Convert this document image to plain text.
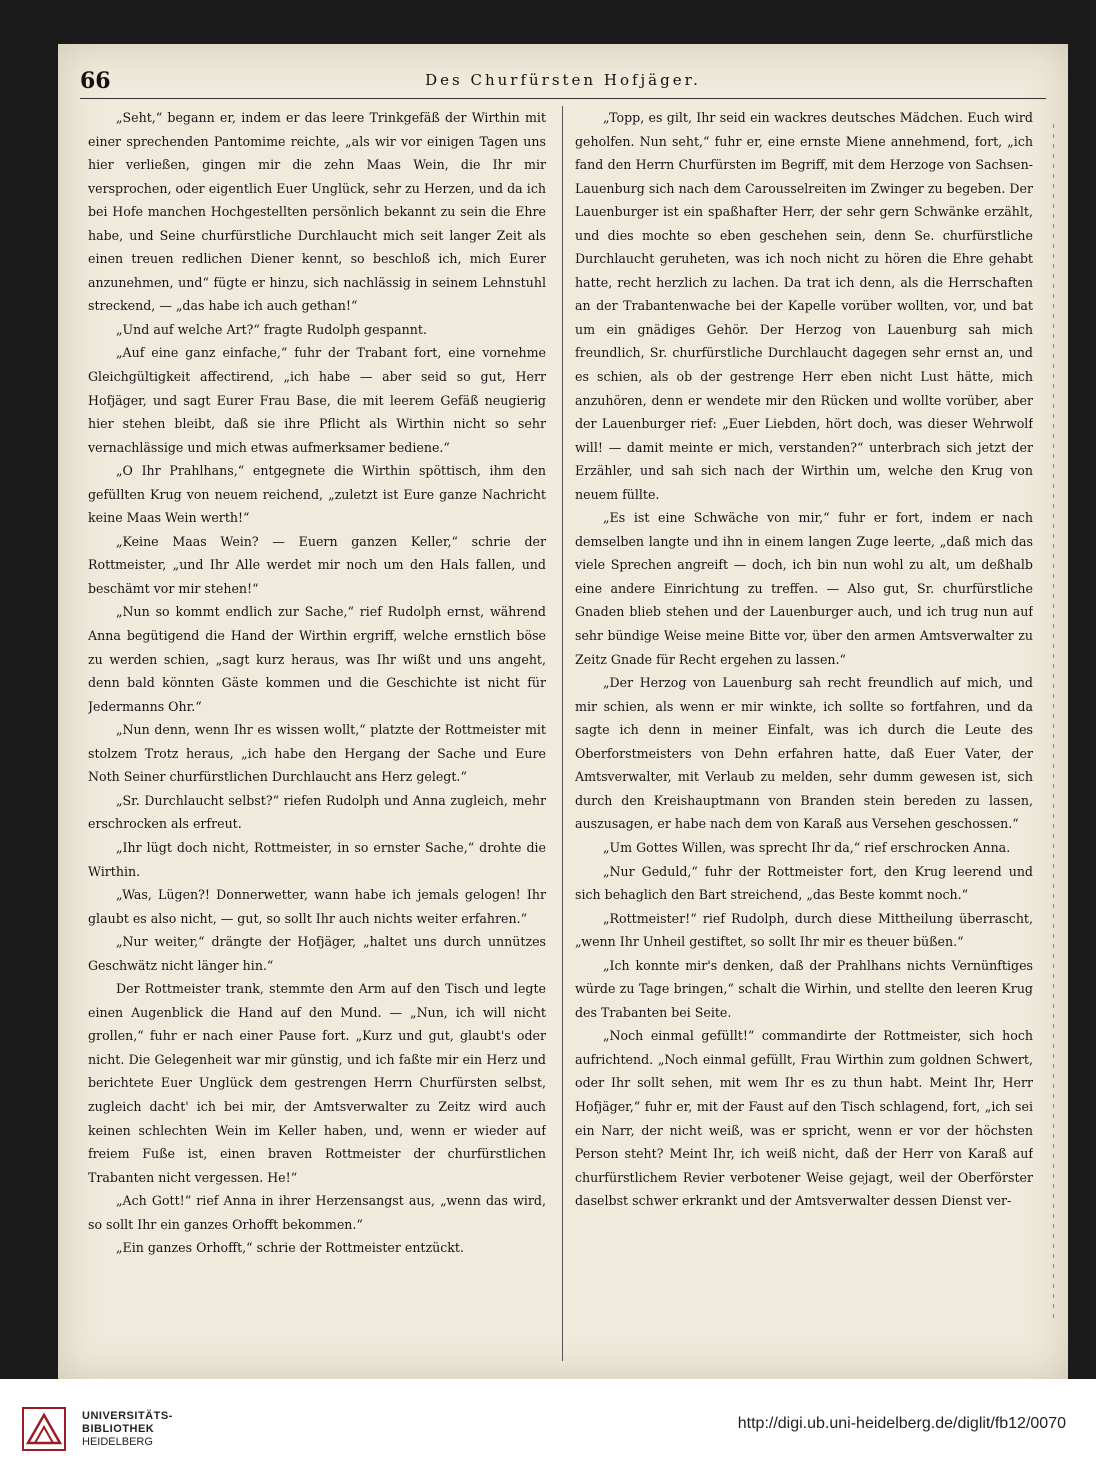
66	Des Churfürsten Hofjäger.

„Seht,“ begann er, indem er das leere Trinkgefäß der Wirthin mit einer sprechenden Pantomime reichte, „als wir vor einigen Tagen uns hier verließen, gingen mir die zehn Maas Wein, die Ihr mir versprochen, oder eigentlich Euer Unglück, sehr zu Herzen, und da ich bei Hofe manchen Hochgestellten persönlich bekannt zu sein die Ehre habe, und Seine churfürstliche Durchlaucht mich seit langer Zeit als einen treuen redlichen Diener kennt, so beschloß ich, mich Eurer anzunehmen, und“ fügte er hinzu, sich nachlässig in seinem Lehnstuhl streckend, — „das habe ich auch gethan!“

„Und auf welche Art?“ fragte Rudolph gespannt.

„Auf eine ganz einfache,“ fuhr der Trabant fort, eine vornehme Gleichgültigkeit affectirend, „ich habe — aber seid so gut, Herr Hofjäger, und sagt Eurer Frau Base, die mit leerem Gefäß neugierig hier stehen bleibt, daß sie ihre Pflicht als Wirthin nicht so sehr vernachlässige und mich etwas aufmerksamer bediene.“

„O Ihr Prahlhans,“ entgegnete die Wirthin spöttisch, ihm den gefüllten Krug von neuem reichend, „zuletzt ist Eure ganze Nachricht keine Maas Wein werth!“

„Keine Maas Wein? — Euern ganzen Keller,“ schrie der Rottmeister, „und Ihr Alle werdet mir noch um den Hals fallen, und beschämt vor mir stehen!“

„Nun so kommt endlich zur Sache,“ rief Rudolph ernst, während Anna begütigend die Hand der Wirthin ergriff, welche ernstlich böse zu werden schien, „sagt kurz heraus, was Ihr wißt und uns angeht, denn bald könnten Gäste kommen und die Geschichte ist nicht für Jedermanns Ohr.“

„Nun denn, wenn Ihr es wissen wollt,“ platzte der Rottmeister mit stolzem Trotz heraus, „ich habe den Hergang der Sache und Eure Noth Seiner churfürstlichen Durchlaucht ans Herz gelegt.“

„Sr. Durchlaucht selbst?“ riefen Rudolph und Anna zugleich, mehr erschrocken als erfreut.

„Ihr lügt doch nicht, Rottmeister, in so ernster Sache,“ drohte die Wirthin.

„Was, Lügen?! Donnerwetter, wann habe ich jemals gelogen! Ihr glaubt es also nicht, — gut, so sollt Ihr auch nichts weiter erfahren.“

„Nur weiter,“ drängte der Hofjäger, „haltet uns durch unnützes Geschwätz nicht länger hin.“

Der Rottmeister trank, stemmte den Arm auf den Tisch und legte einen Augenblick die Hand auf den Mund. — „Nun, ich will nicht grollen,“ fuhr er nach einer Pause fort. „Kurz und gut, glaubt's oder nicht. Die Gelegenheit war mir günstig, und ich faßte mir ein Herz und berichtete Euer Unglück dem gestrengen Herrn Churfürsten selbst, zugleich dacht' ich bei mir, der Amtsverwalter zu Zeitz wird auch keinen schlechten Wein im Keller haben, und, wenn er wieder auf freiem Fuße ist, einen braven Rottmeister der churfürstlichen Trabanten nicht vergessen. He!“

„Ach Gott!“ rief Anna in ihrer Herzensangst aus, „wenn das wird, so sollt Ihr ein ganzes Orhofft bekommen.“

„Ein ganzes Orhofft,“ schrie der Rottmeister entzückt.

„Topp, es gilt, Ihr seid ein wackres deutsches Mädchen. Euch wird geholfen. Nun seht,“ fuhr er, eine ernste Miene annehmend, fort, „ich fand den Herrn Churfürsten im Begriff, mit dem Herzoge von Sachsen-Lauenburg sich nach dem Carousselreiten im Zwinger zu begeben. Der Lauenburger ist ein spaßhafter Herr, der sehr gern Schwänke erzählt, und dies mochte so eben geschehen sein, denn Se. churfürstliche Durchlaucht geruheten, was ich noch nicht zu hören die Ehre gehabt hatte, recht herzlich zu lachen. Da trat ich denn, als die Herrschaften an der Trabantenwache bei der Kapelle vorüber wollten, vor, und bat um ein gnädiges Gehör. Der Herzog von Lauenburg sah mich freundlich, Sr. churfürstliche Durchlaucht dagegen sehr ernst an, und es schien, als ob der gestrenge Herr eben nicht Lust hätte, mich anzuhören, denn er wendete mir den Rücken und wollte vorüber, aber der Lauenburger rief: „Euer Liebden, hört doch, was dieser Wehrwolf will! — damit meinte er mich, verstanden?“ unterbrach sich jetzt der Erzähler, und sah sich nach der Wirthin um, welche den Krug von neuem füllte.

„Es ist eine Schwäche von mir,“ fuhr er fort, indem er nach demselben langte und ihn in einem langen Zuge leerte, „daß mich das viele Sprechen angreift — doch, ich bin nun wohl zu alt, um deßhalb eine andere Einrichtung zu treffen. — Also gut, Sr. churfürstliche Gnaden blieb stehen und der Lauenburger auch, und ich trug nun auf sehr bündige Weise meine Bitte vor, über den armen Amtsverwalter zu Zeitz Gnade für Recht ergehen zu lassen.“

„Der Herzog von Lauenburg sah recht freundlich auf mich, und mir schien, als wenn er mir winkte, ich sollte so fortfahren, und da sagte ich denn in meiner Einfalt, was ich durch die Leute des Oberforstmeisters von Dehn erfahren hatte, daß Euer Vater, der Amtsverwalter, mit Verlaub zu melden, sehr dumm gewesen ist, sich durch den Kreishauptmann von Branden stein bereden zu lassen, auszusagen, er habe nach dem von Karaß aus Versehen geschossen.“

„Um Gottes Willen, was sprecht Ihr da,“ rief erschrocken Anna.

„Nur Geduld,“ fuhr der Rottmeister fort, den Krug leerend und sich behaglich den Bart streichend, „das Beste kommt noch.“

„Rottmeister!“ rief Rudolph, durch diese Mittheilung überrascht, „wenn Ihr Unheil gestiftet, so sollt Ihr mir es theuer büßen.“

„Ich konnte mir's denken, daß der Prahlhans nichts Vernünftiges würde zu Tage bringen,“ schalt die Wirhin, und stellte den leeren Krug des Trabanten bei Seite.

„Noch einmal gefüllt!“ commandirte der Rottmeister, sich hoch aufrichtend. „Noch einmal gefüllt, Frau Wirthin zum goldnen Schwert, oder Ihr sollt sehen, mit wem Ihr es zu thun habt. Meint Ihr, Herr Hofjäger,“ fuhr er, mit der Faust auf den Tisch schlagend, fort, „ich sei ein Narr, der nicht weiß, was er spricht, wenn er vor der höchsten Person steht? Meint Ihr, ich weiß nicht, daß der Herr von Karaß auf churfürstlichem Revier verbotener Weise gejagt, weil der Oberförster daselbst schwer erkrankt und der Amtsverwalter dessen Dienst ver-

UNIVERSITÄTS-
BIBLIOTHEK
HEIDELBERG
http://digi.ub.uni-heidelberg.de/diglit/fb12/0070
